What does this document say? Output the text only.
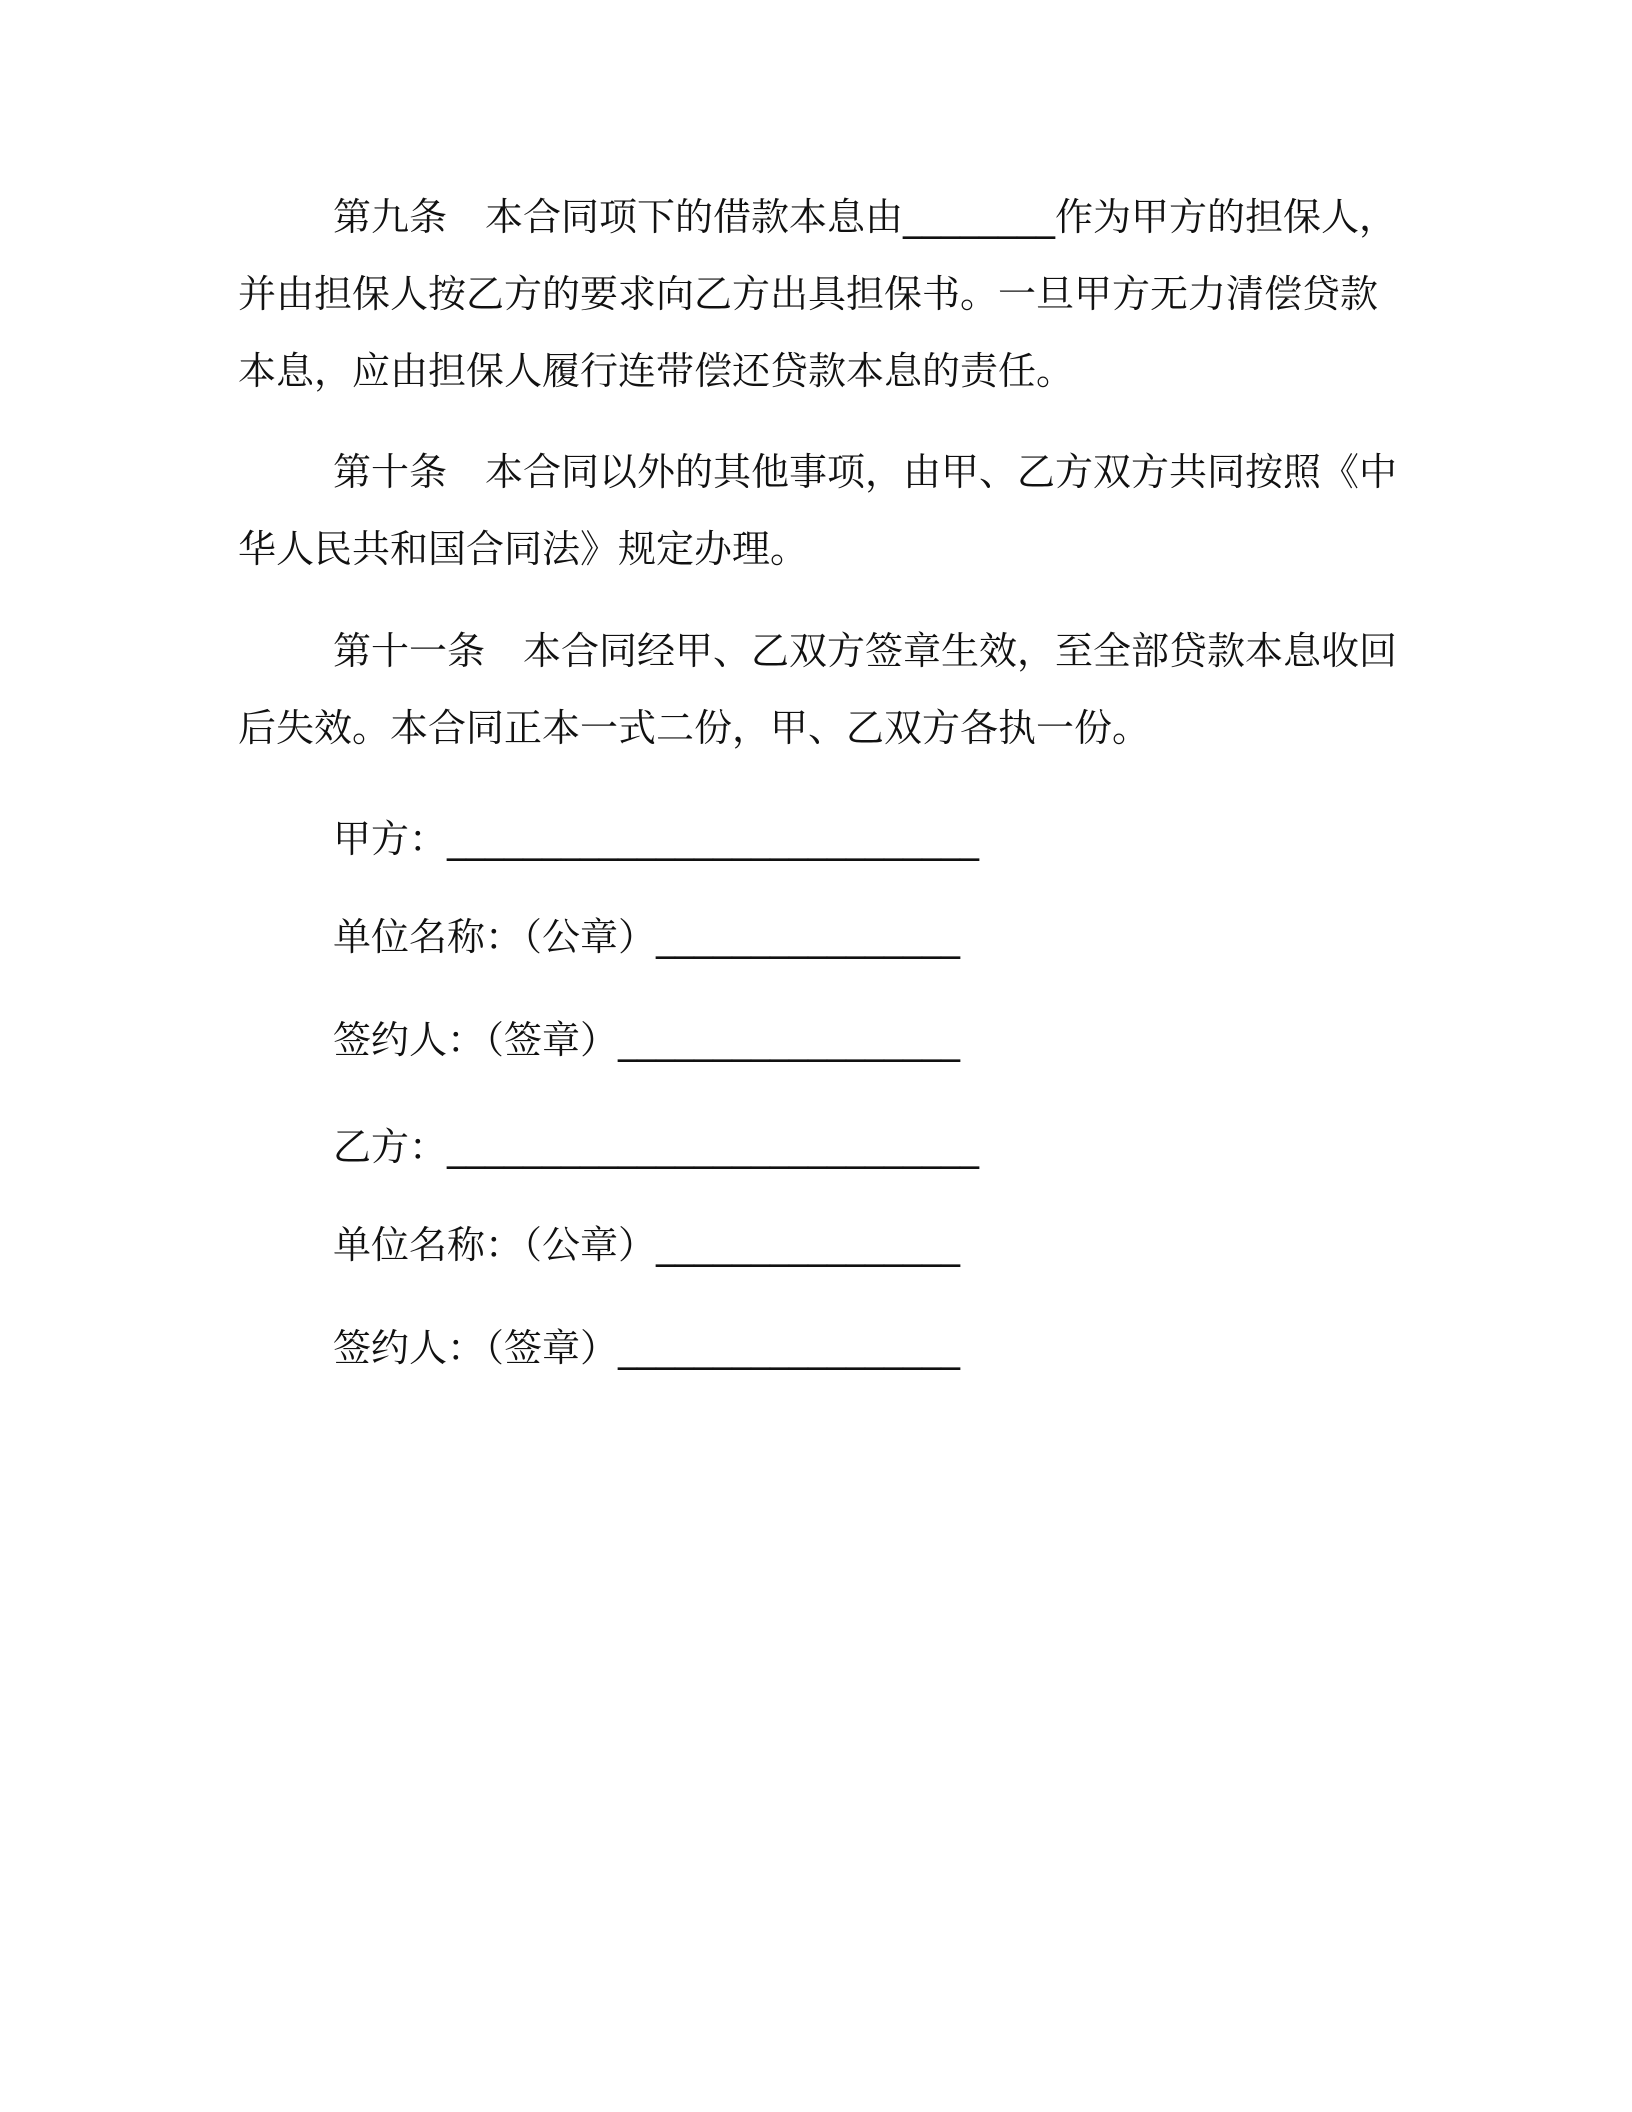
第九条　本合同项下的借款本息由________作为甲方的担保人，

并由担保人按乙方的要求向乙方出具担保书。一旦甲方无力清偿贷款

本息，应由担保人履行连带偿还贷款本息的责任。

第十条　本合同以外的其他事项，由甲、乙方双方共同按照《中

华人民共和国合同法》规定办理。

第十一条　本合同经甲、乙双方签章生效，至全部贷款本息收回

后失效。本合同正本一式二份，甲、乙双方各执一份。

甲方：____________________________

单位名称：（公章）________________

签约人：（签章）__________________

乙方：____________________________

单位名称：（公章）________________

签约人：（签章）__________________
